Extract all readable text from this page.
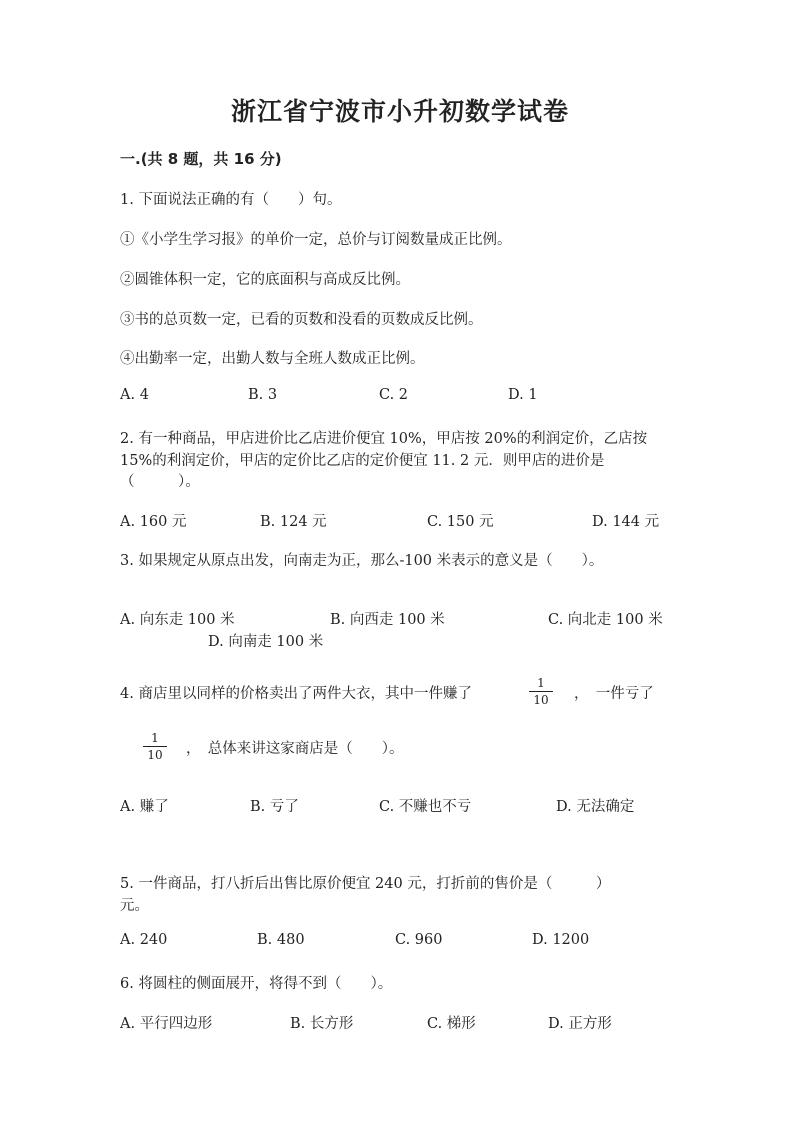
浙江省宁波市小升初数学试卷
一.(共 8 题，共 16 分)
1. 下面说法正确的有（　　）句。
①《小学生学习报》的单价一定，总价与订阅数量成正比例。
②圆锥体积一定，它的底面积与高成反比例。
③书的总页数一定，已看的页数和没看的页数成反比例。
④出勤率一定，出勤人数与全班人数成正比例。
A. 4	B. 3	C. 2	D. 1
2. 有一种商品，甲店进价比乙店进价便宜 10%，甲店按 20%的利润定价，乙店按
15%的利润定价，甲店的定价比乙店的定价便宜 11. 2 元．则甲店的进价是
（　　　）。
A. 160 元	B. 124 元	C. 150 元	D. 144 元
3. 如果规定从原点出发，向南走为正，那么-100 米表示的意义是（　　）。
A. 向东走 100 米	B. 向西走 100 米	C. 向北走 100 米
D. 向南走 100 米
4. 商店里以同样的价格卖出了两件大衣，其中一件赚了
1
10	，　一件亏了
1
10	，　总体来讲这家商店是（　　）。
A. 赚了	B. 亏了	C. 不赚也不亏	D. 无法确定
5. 一件商品，打八折后出售比原价便宜 240 元，打折前的售价是（　　　）
元。
A. 240	B. 480	C. 960	D. 1200
6. 将圆柱的侧面展开，将得不到（　　）。
A. 平行四边形	B. 长方形	C. 梯形	D. 正方形
